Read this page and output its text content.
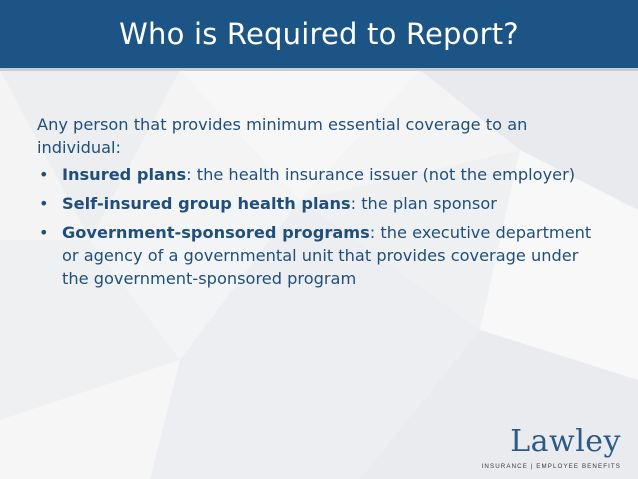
Who is Required to Report?

Any person that provides minimum essential coverage to an individual:

• Insured plans: the health insurance issuer (not the employer)
• Self-insured group health plans: the plan sponsor
• Government-sponsored programs: the executive department or agency of a governmental unit that provides coverage under the government-sponsored program
Lawley
INSURANCE | EMPLOYEE BENEFITS
